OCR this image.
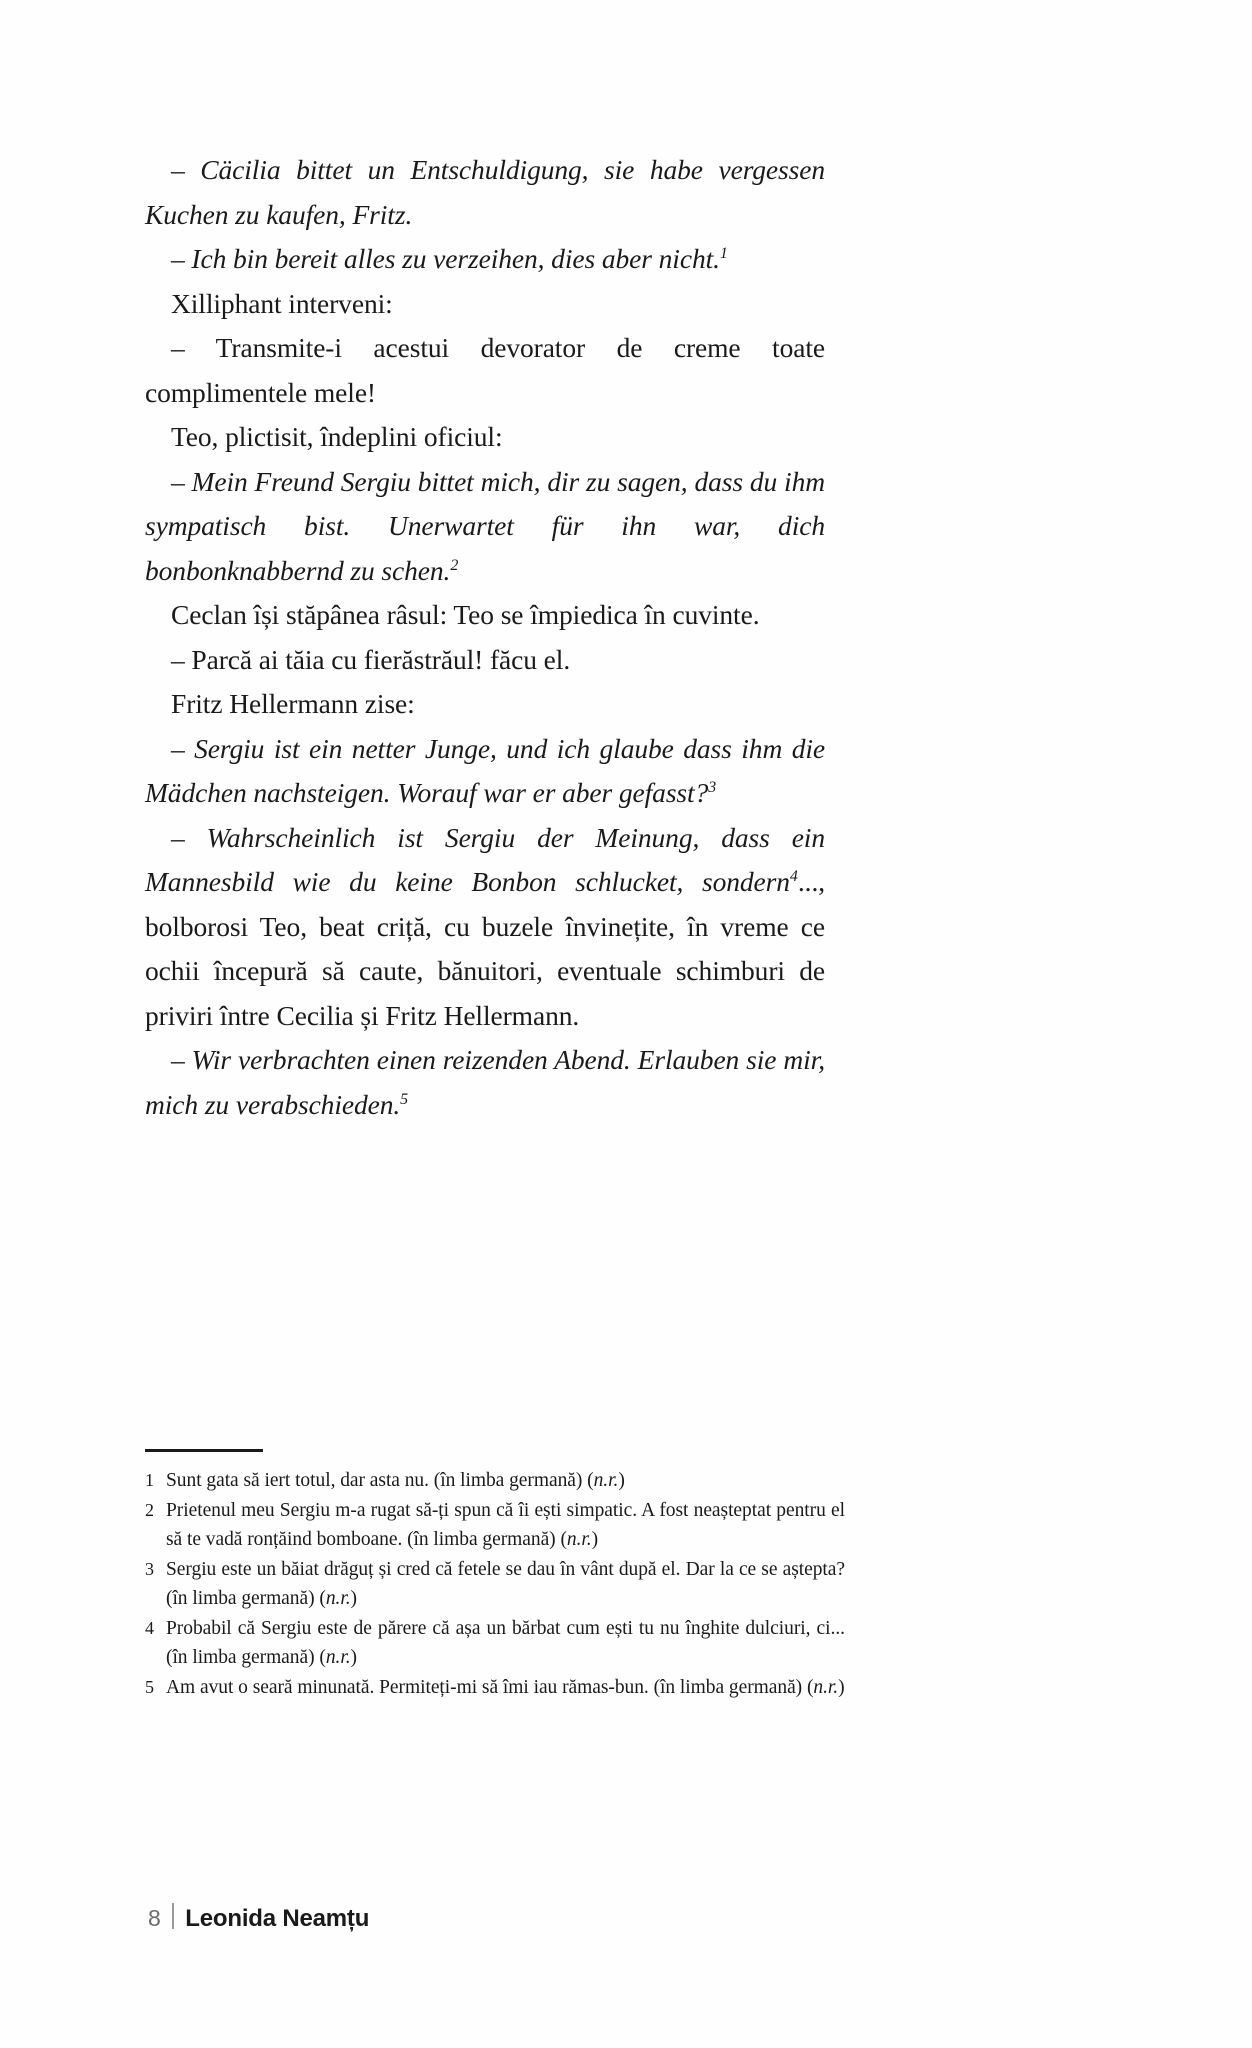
– Cäcilia bittet un Entschuldigung, sie habe vergessen Kuchen zu kaufen, Fritz.

– Ich bin bereit alles zu verzeihen, dies aber nicht.$^1$

Xilliphant interveni:

– Transmite-i acestui devorator de creme toate complimentele mele!

Teo, plictisit, îndeplini oficiul:

– Mein Freund Sergiu bittet mich, dir zu sagen, dass du ihm sympatisch bist. Unerwartet für ihn war, dich bonbonknabbernd zu schen.$^2$

Ceclan își stăpânea râsul: Teo se împiedica în cuvinte.

– Parcă ai tăia cu fierăstrăul! făcu el.

Fritz Hellermann zise:

– Sergiu ist ein netter Junge, und ich glaube dass ihm die Mädchen nachsteigen. Worauf war er aber gefasst?$^3$

– Wahrscheinlich ist Sergiu der Meinung, dass ein Mannesbild wie du keine Bonbon schlucket, sondern$^4$..., bolborosi Teo, beat criță, cu buzele învinețite, în vreme ce ochii începură să caute, bănuitori, eventuale schimburi de priviri între Cecilia și Fritz Hellermann.

– Wir verbrachten einen reizenden Abend. Erlauben sie mir, mich zu verabschieden.$^5$

1 Sunt gata să iert totul, dar asta nu. (în limba germană) (n.r.)
2 Prietenul meu Sergiu m-a rugat să-ți spun că îi ești simpatic. A fost neașteptat pentru el să te vadă ronțăind bomboane. (în limba germană) (n.r.)
3 Sergiu este un băiat drăguț și cred că fetele se dau în vânt după el. Dar la ce se aștepta? (în limba germană) (n.r.)
4 Probabil că Sergiu este de părere că așa un bărbat cum ești tu nu înghite dulciuri, ci... (în limba germană) (n.r.)
5 Am avut o seară minunată. Permiteți-mi să îmi iau rămas-bun. (în limba germană) (n.r.)
8 Leonida Neamțu
